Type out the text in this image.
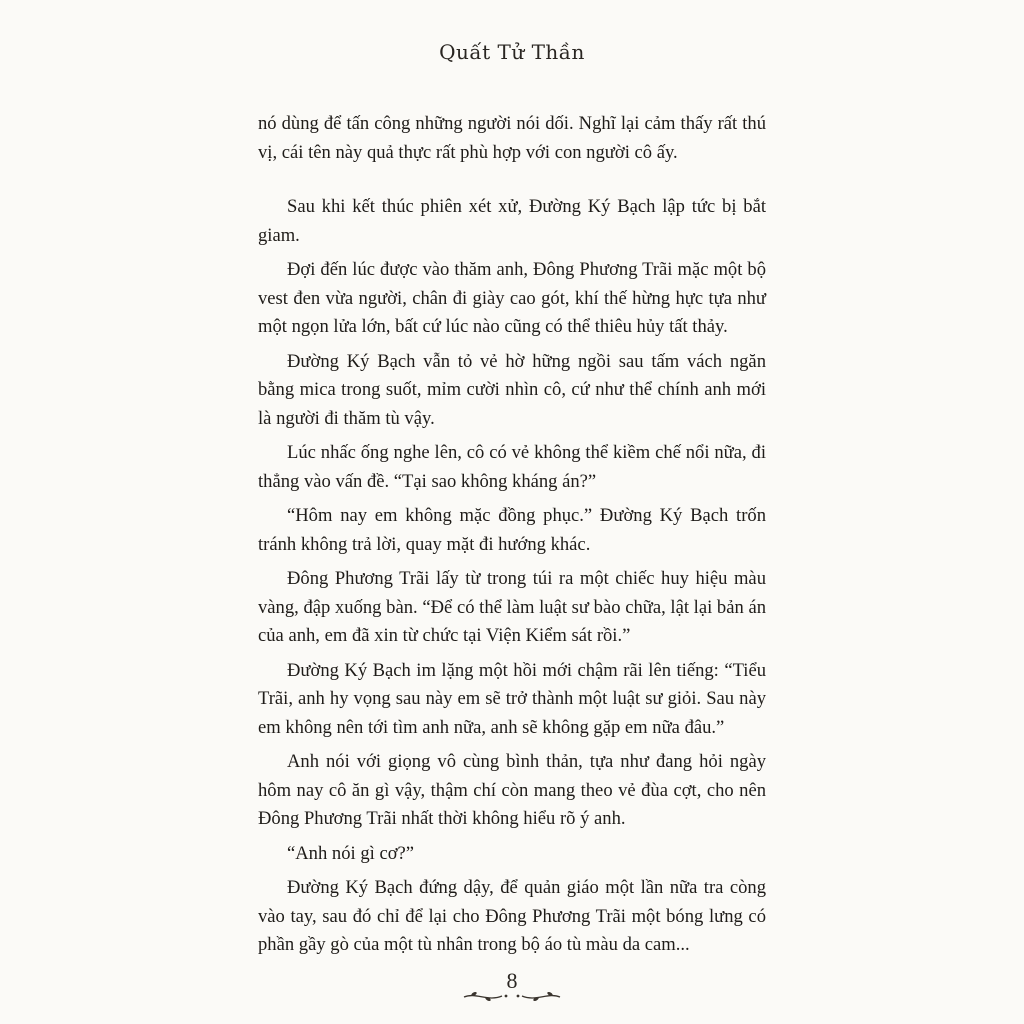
Quất Tử Thần

nó dùng để tấn công những người nói dối. Nghĩ lại cảm thấy rất thú vị, cái tên này quả thực rất phù hợp với con người cô ấy.

Sau khi kết thúc phiên xét xử, Đường Ký Bạch lập tức bị bắt giam.

Đợi đến lúc được vào thăm anh, Đông Phương Trãi mặc một bộ vest đen vừa người, chân đi giày cao gót, khí thế hừng hực tựa như một ngọn lửa lớn, bất cứ lúc nào cũng có thể thiêu hủy tất thảy.

Đường Ký Bạch vẫn tỏ vẻ hờ hững ngồi sau tấm vách ngăn bằng mica trong suốt, mỉm cười nhìn cô, cứ như thể chính anh mới là người đi thăm tù vậy.

Lúc nhấc ống nghe lên, cô có vẻ không thể kiềm chế nổi nữa, đi thẳng vào vấn đề. “Tại sao không kháng án?”

“Hôm nay em không mặc đồng phục.” Đường Ký Bạch trốn tránh không trả lời, quay mặt đi hướng khác.

Đông Phương Trãi lấy từ trong túi ra một chiếc huy hiệu màu vàng, đập xuống bàn. “Để có thể làm luật sư bào chữa, lật lại bản án của anh, em đã xin từ chức tại Viện Kiểm sát rồi.”

Đường Ký Bạch im lặng một hồi mới chậm rãi lên tiếng: “Tiểu Trãi, anh hy vọng sau này em sẽ trở thành một luật sư giỏi. Sau này em không nên tới tìm anh nữa, anh sẽ không gặp em nữa đâu.”

Anh nói với giọng vô cùng bình thản, tựa như đang hỏi ngày hôm nay cô ăn gì vậy, thậm chí còn mang theo vẻ đùa cợt, cho nên Đông Phương Trãi nhất thời không hiểu rõ ý anh.

“Anh nói gì cơ?”

Đường Ký Bạch đứng dậy, để quản giáo một lần nữa tra còng vào tay, sau đó chỉ để lại cho Đông Phương Trãi một bóng lưng có phần gầy gò của một tù nhân trong bộ áo tù màu da cam...

8
